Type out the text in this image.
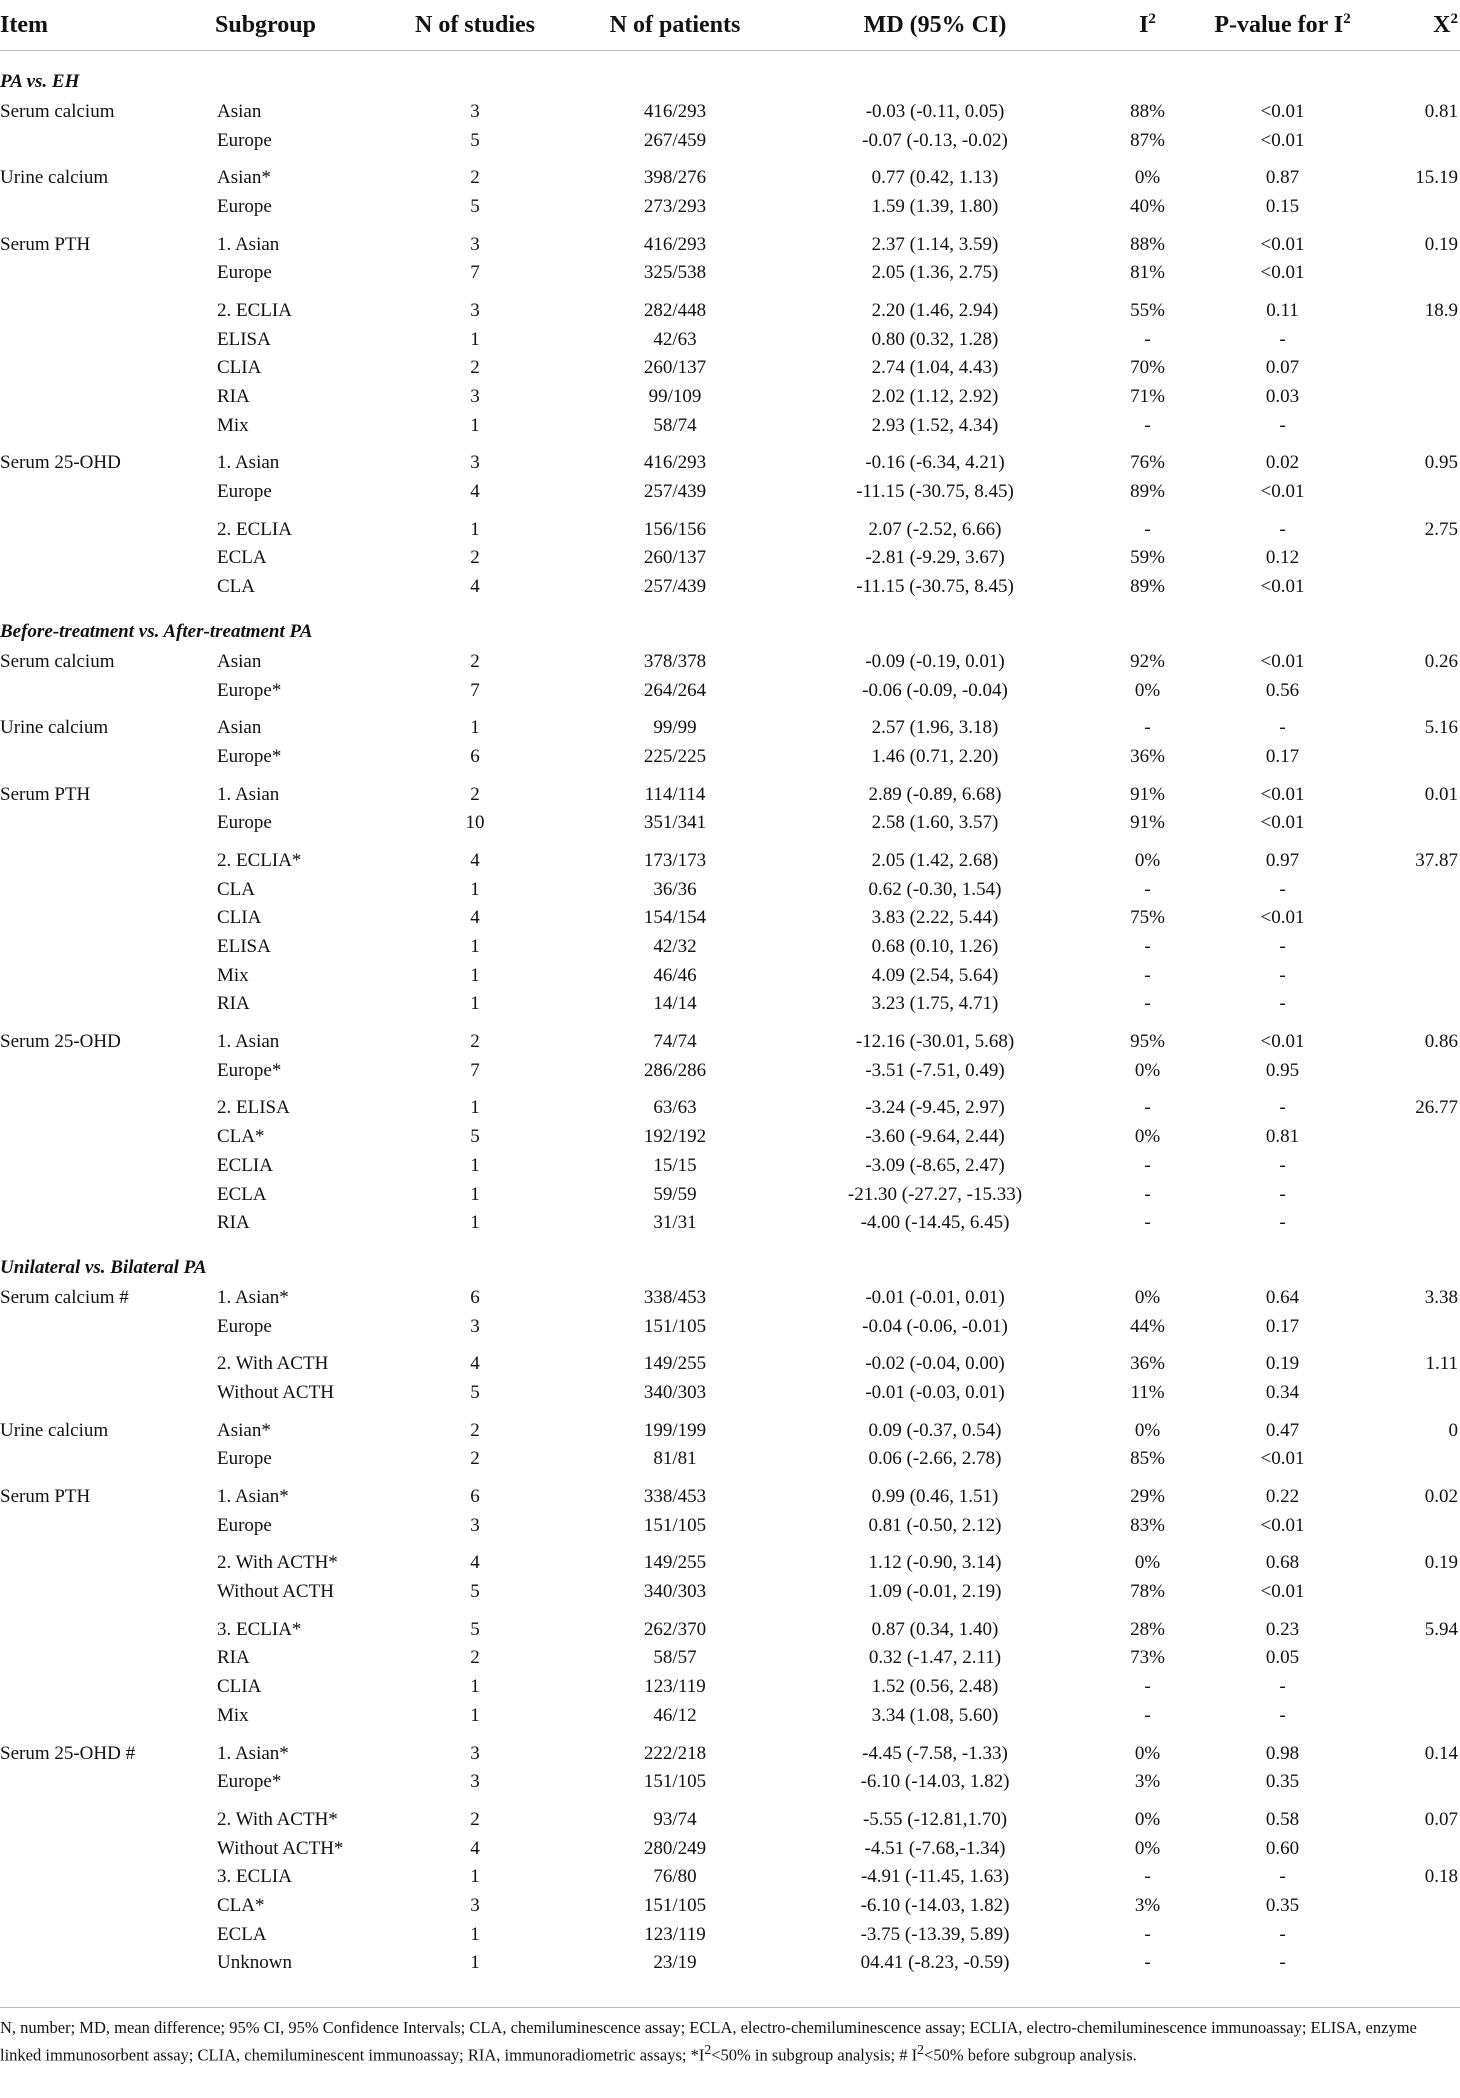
Item	Subgroup	N of studies	N of patients	MD (95% CI)	$I^2$	P-value for $I^2$	$X^2$
PA vs. EH							
Serum calcium	Asian	3	416/293	-0.03 (-0.11, 0.05)	88%	<0.01	0.81
	Europe	5	267/459	-0.07 (-0.13, -0.02)	87%	<0.01	
Urine calcium	Asian*	2	398/276	0.77 (0.42, 1.13)	0%	0.87	15.19
	Europe	5	273/293	1.59 (1.39, 1.80)	40%	0.15	
Serum PTH	1. Asian	3	416/293	2.37 (1.14, 3.59)	88%	<0.01	0.19
	Europe	7	325/538	2.05 (1.36, 2.75)	81%	<0.01	
	2. ECLIA	3	282/448	2.20 (1.46, 2.94)	55%	0.11	18.9
	ELISA	1	42/63	0.80 (0.32, 1.28)	-	-	
	CLIA	2	260/137	2.74 (1.04, 4.43)	70%	0.07	
	RIA	3	99/109	2.02 (1.12, 2.92)	71%	0.03	
	Mix	1	58/74	2.93 (1.52, 4.34)	-	-	
Serum 25-OHD	1. Asian	3	416/293	-0.16 (-6.34, 4.21)	76%	0.02	0.95
	Europe	4	257/439	-11.15 (-30.75, 8.45)	89%	<0.01	
	2. ECLIA	1	156/156	2.07 (-2.52, 6.66)	-	-	2.75
	ECLA	2	260/137	-2.81 (-9.29, 3.67)	59%	0.12	
	CLA	4	257/439	-11.15 (-30.75, 8.45)	89%	<0.01	
Before-treatment vs. After-treatment PA							
Serum calcium	Asian	2	378/378	-0.09 (-0.19, 0.01)	92%	<0.01	0.26
	Europe*	7	264/264	-0.06 (-0.09, -0.04)	0%	0.56	
Urine calcium	Asian	1	99/99	2.57 (1.96, 3.18)	-	-	5.16
	Europe*	6	225/225	1.46 (0.71, 2.20)	36%	0.17	
Serum PTH	1. Asian	2	114/114	2.89 (-0.89, 6.68)	91%	<0.01	0.01
	Europe	10	351/341	2.58 (1.60, 3.57)	91%	<0.01	
	2. ECLIA*	4	173/173	2.05 (1.42, 2.68)	0%	0.97	37.87
	CLA	1	36/36	0.62 (-0.30, 1.54)	-	-	
	CLIA	4	154/154	3.83 (2.22, 5.44)	75%	<0.01	
	ELISA	1	42/32	0.68 (0.10, 1.26)	-	-	
	Mix	1	46/46	4.09 (2.54, 5.64)	-	-	
	RIA	1	14/14	3.23 (1.75, 4.71)	-	-	
Serum 25-OHD	1. Asian	2	74/74	-12.16 (-30.01, 5.68)	95%	<0.01	0.86
	Europe*	7	286/286	-3.51 (-7.51, 0.49)	0%	0.95	
	2. ELISA	1	63/63	-3.24 (-9.45, 2.97)	-	-	26.77
	CLA*	5	192/192	-3.60 (-9.64, 2.44)	0%	0.81	
	ECLIA	1	15/15	-3.09 (-8.65, 2.47)	-	-	
	ECLA	1	59/59	-21.30 (-27.27, -15.33)	-	-	
	RIA	1	31/31	-4.00 (-14.45, 6.45)	-	-	
Unilateral vs. Bilateral PA							
Serum calcium #	1. Asian*	6	338/453	-0.01 (-0.01, 0.01)	0%	0.64	3.38
	Europe	3	151/105	-0.04 (-0.06, -0.01)	44%	0.17	
	2. With ACTH	4	149/255	-0.02 (-0.04, 0.00)	36%	0.19	1.11
	Without ACTH	5	340/303	-0.01 (-0.03, 0.01)	11%	0.34	
Urine calcium	Asian*	2	199/199	0.09 (-0.37, 0.54)	0%	0.47	0
	Europe	2	81/81	0.06 (-2.66, 2.78)	85%	<0.01	
Serum PTH	1. Asian*	6	338/453	0.99 (0.46, 1.51)	29%	0.22	0.02
	Europe	3	151/105	0.81 (-0.50, 2.12)	83%	<0.01	
	2. With ACTH*	4	149/255	1.12 (-0.90, 3.14)	0%	0.68	0.19
	Without ACTH	5	340/303	1.09 (-0.01, 2.19)	78%	<0.01	
	3. ECLIA*	5	262/370	0.87 (0.34, 1.40)	28%	0.23	5.94
	RIA	2	58/57	0.32 (-1.47, 2.11)	73%	0.05	
	CLIA	1	123/119	1.52 (0.56, 2.48)	-	-	
	Mix	1	46/12	3.34 (1.08, 5.60)	-	-	
Serum 25-OHD #	1. Asian*	3	222/218	-4.45 (-7.58, -1.33)	0%	0.98	0.14
	Europe*	3	151/105	-6.10 (-14.03, 1.82)	3%	0.35	
	2. With ACTH*	2	93/74	-5.55 (-12.81,1.70)	0%	0.58	0.07
	Without ACTH*	4	280/249	-4.51 (-7.68,-1.34)	0%	0.60	
	3. ECLIA	1	76/80	-4.91 (-11.45, 1.63)	-	-	0.18
	CLA*	3	151/105	-6.10 (-14.03, 1.82)	3%	0.35	
	ECLA	1	123/119	-3.75 (-13.39, 5.89)	-	-	
	Unknown	1	23/19	04.41 (-8.23, -0.59)	-	-	
N, number; MD, mean difference; 95% CI, 95% Confidence Intervals; CLA, chemiluminescence assay; ECLA, electro-chemiluminescence assay; ECLIA, electro-chemiluminescence immunoassay; ELISA, enzyme linked immunosorbent assay; CLIA, chemiluminescent immunoassay; RIA, immunoradiometric assays; $*I^2<50\%$ in subgroup analysis; # $I^2<50\%$ before subgroup analysis.
